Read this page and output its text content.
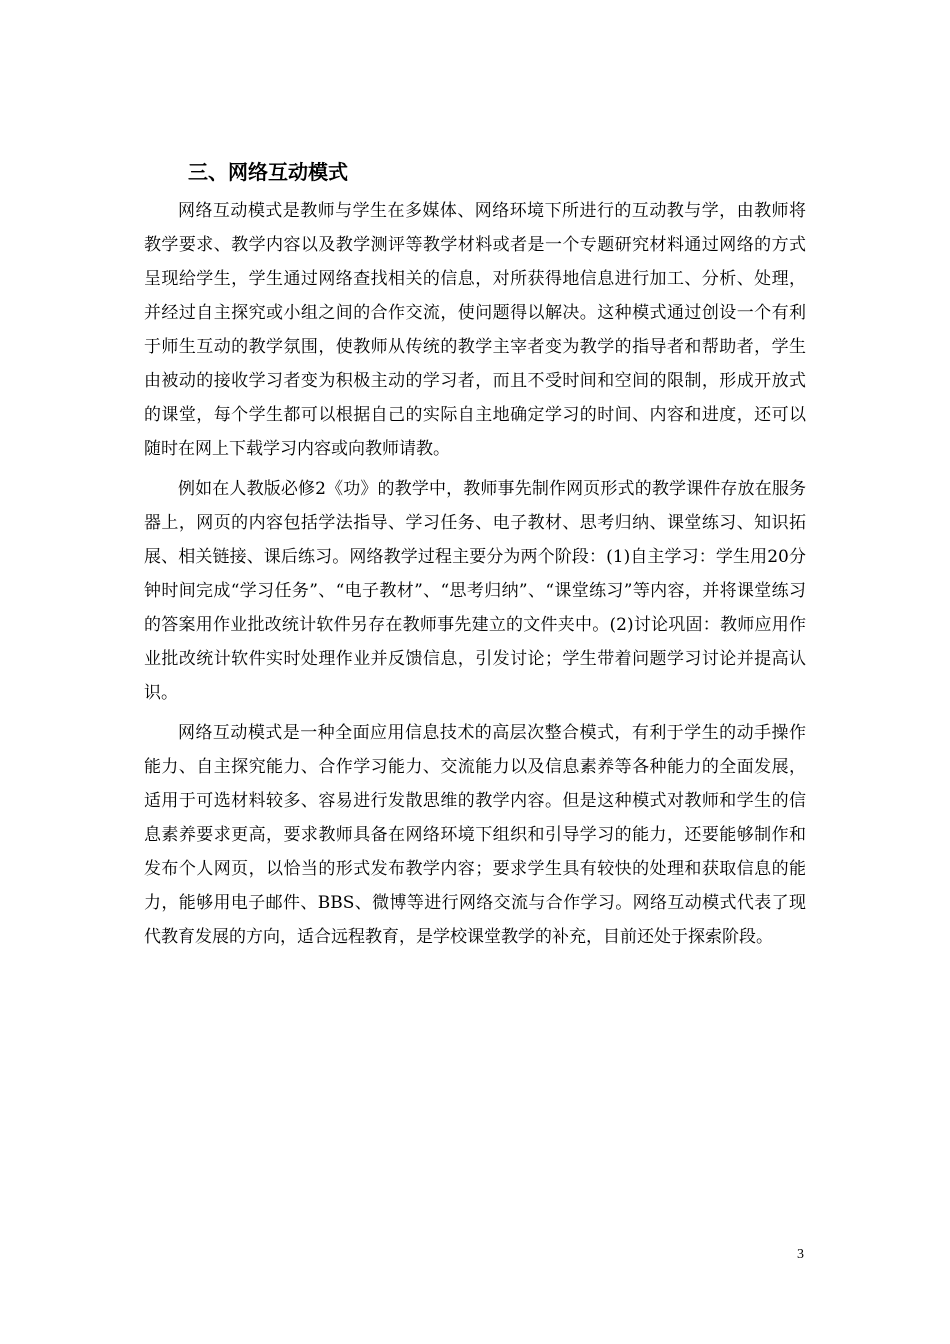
三、网络互动模式

网络互动模式是教师与学生在多媒体、网络环境下所进行的互动教与学，由教师将教学要求、教学内容以及教学测评等教学材料或者是一个专题研究材料通过网络的方式呈现给学生，学生通过网络查找相关的信息，对所获得地信息进行加工、分析、处理，并经过自主探究或小组之间的合作交流，使问题得以解决。这种模式通过创设一个有利于师生互动的教学氛围，使教师从传统的教学主宰者变为教学的指导者和帮助者，学生由被动的接收学习者变为积极主动的学习者，而且不受时间和空间的限制，形成开放式的课堂，每个学生都可以根据自己的实际自主地确定学习的时间、内容和进度，还可以随时在网上下载学习内容或向教师请教。

例如在人教版必修2《功》的教学中，教师事先制作网页形式的教学课件存放在服务器上，网页的内容包括学法指导、学习任务、电子教材、思考归纳、课堂练习、知识拓展、相关链接、课后练习。网络教学过程主要分为两个阶段：(1)自主学习：学生用20分钟时间完成“学习任务”、“电子教材”、“思考归纳”、“课堂练习”等内容，并将课堂练习的答案用作业批改统计软件另存在教师事先建立的文件夹中。(2)讨论巩固：教师应用作业批改统计软件实时处理作业并反馈信息，引发讨论；学生带着问题学习讨论并提高认识。

网络互动模式是一种全面应用信息技术的高层次整合模式，有利于学生的动手操作能力、自主探究能力、合作学习能力、交流能力以及信息素养等各种能力的全面发展，适用于可选材料较多、容易进行发散思维的教学内容。但是这种模式对教师和学生的信息素养要求更高，要求教师具备在网络环境下组织和引导学习的能力，还要能够制作和发布个人网页，以恰当的形式发布教学内容；要求学生具有较快的处理和获取信息的能力，能够用电子邮件、BBS、微博等进行网络交流与合作学习。网络互动模式代表了现代教育发展的方向，适合远程教育，是学校课堂教学的补充，目前还处于探索阶段。

3
